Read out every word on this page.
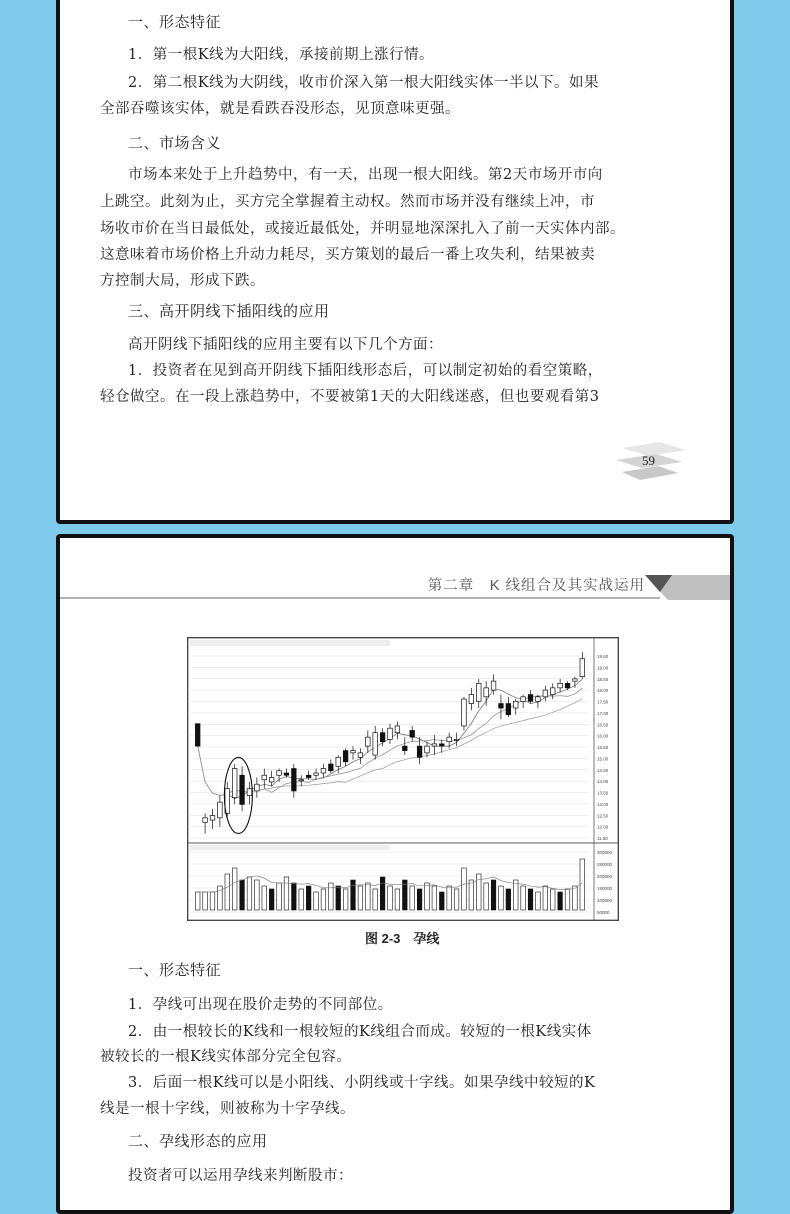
一、形态特征

1．第一根K线为大阳线，承接前期上涨行情。

2．第二根K线为大阴线，收市价深入第一根大阳线实体一半以下。如果

全部吞噬该实体，就是看跌吞没形态，见顶意味更强。

二、市场含义

市场本来处于上升趋势中，有一天，出现一根大阳线。第2天市场开市向

上跳空。此刻为止，买方完全掌握着主动权。然而市场并没有继续上冲，市

场收市价在当日最低处，或接近最低处，并明显地深深扎入了前一天实体内部。

这意味着市场价格上升动力耗尽，买方策划的最后一番上攻失利，结果被卖

方控制大局，形成下跌。

三、高开阴线下插阳线的应用

高开阴线下插阳线的应用主要有以下几个方面：

1．投资者在见到高开阴线下插阳线形态后，可以制定初始的看空策略，

轻仓做空。在一段上涨趋势中，不要被第1天的大阳线迷惑，但也要观看第3

59
第二章　K 线组合及其实战运用
19.60
19.00
18.50
18.00
17.50
17.00
16.50
16.00
15.50
15.00
14.50
14.00
13.50
13.00
12.50
12.00
11.50
300000
250000
200000
150000
100000
50000
图 2-3　孕线

一、形态特征

1．孕线可出现在股价走势的不同部位。

2．由一根较长的K线和一根较短的K线组合而成。较短的一根K线实体

被较长的一根K线实体部分完全包容。

3．后面一根K线可以是小阳线、小阴线或十字线。如果孕线中较短的K

线是一根十字线，则被称为十字孕线。

二、孕线形态的应用

投资者可以运用孕线来判断股市：
